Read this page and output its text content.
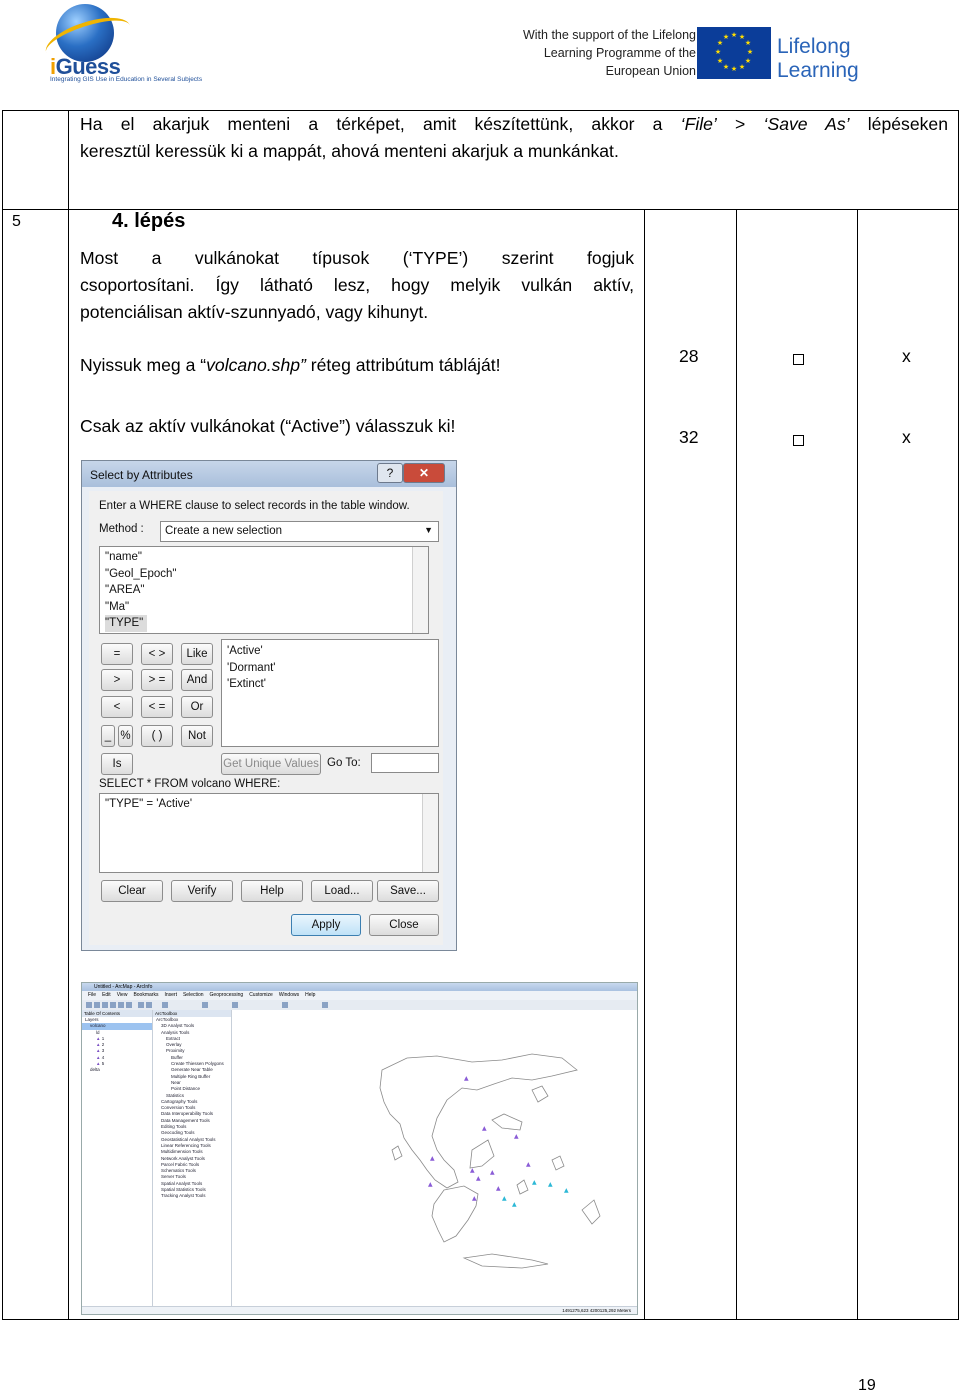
iGuess
Integrating GIS Use in Education in Several Subjects
With the support of the Lifelong
Learning Programme of the
European Union
★ ★
★
★
★
★
★
★
★
★
★
★ Lifelong
Learning
Ha el akarjuk menteni a térképet, amit készítettünk, akkor a ‘File’ > ‘Save As’ lépéseken
keresztül keressük ki a mappát, ahová menteni akarjuk a munkánkat.
5	4. lépés
Most a vulkánokat típusok (‘TYPE’) szerint fogjuk
csoportosítani. Így látható lesz, hogy melyik vulkán aktív,
potenciálisan aktív-szunnyadó, vagy kihunyt.
Nyissuk meg a “volcano.shp” réteg attribútum tábláját!
Csak az aktív vulkánokat (“Active”) válasszuk ki!
28	x
32	x
Select by Attributes	?	✕
Enter a WHERE clause to select records in the table window.
Method : Create a new selection	▼
"name"
"Geol_Epoch"
"AREA"
"Ma"
"TYPE"
=	< >	Like
>	> =	And
<	< =	Or
_ %	( )	Not
Is
'Active'
'Dormant'
'Extinct'
Get Unique Values Go To:
SELECT * FROM volcano WHERE:
"TYPE" = 'Active'
Clear	Verify	Help	Load...	Save...
Apply	Close
Untitled - ArcMap - ArcInfo
File Edit View Bookmarks Insert Selection Geoprocessing Customize Windows Help
Table Of Contents
Layers
volcano
ld
▲ 1
▲ 2
▲ 3
▲ 4
▲ 5
delta
ArcToolbox
ArcToolbox
3D Analyst Tools
Analysis Tools
Extract
Overlay
Proximity
Buffer
Create Thiessen Polygons
Generate Near Table
Multiple Ring Buffer
Near
Point Distance
Statistics
Cartography Tools
Conversion Tools
Data Interoperability Tools
Data Management Tools
Editing Tools
Geocoding Tools
Geostatistical Analyst Tools
Linear Referencing Tools
Multidimension Tools
Network Analyst Tools
Parcel Fabric Tools
Schematics Tools
Server Tools
Spatial Analyst Tools
Spatial Statistics Tools
Tracking Analyst Tools
▲
▲
▲
▲
▲
▲
▲
▲
▲
▲
▲
▲
▲ ▲
▲
▲
1491275,623 4200125,292 Meters
19
